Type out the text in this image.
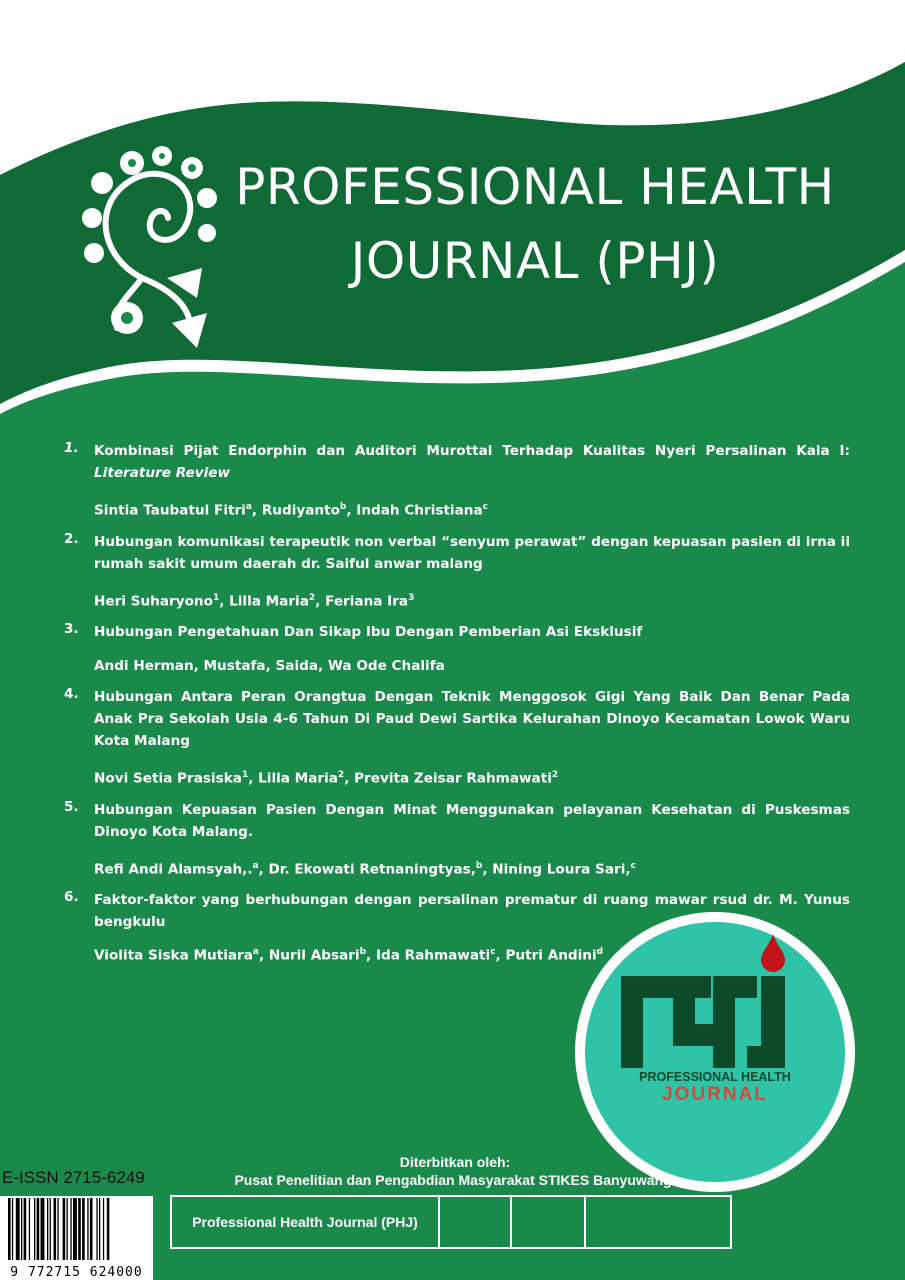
Vol 2 No 2, Juni 2021
PROFESSIONAL HEALTH
JOURNAL (PHJ)
1. Kombinasi Pijat Endorphin dan Auditori Murottal Terhadap Kualitas Nyeri Persalinan Kala I: Literature Review
Sintia Taubatul Fitri$^a$, Rudiyanto$^b$, Indah Christiana$^c$
2. Hubungan komunikasi terapeutik non verbal “senyum perawat” dengan kepuasan pasien di irna ii rumah sakit umum daerah dr. Saiful anwar malang
Heri Suharyono$^1$, Lilla Maria$^2$, Feriana Ira$^3$
3. Hubungan Pengetahuan Dan Sikap Ibu Dengan Pemberian Asi Eksklusif
Andi Herman, Mustafa, Saida, Wa Ode Chalifa
4. Hubungan Antara Peran Orangtua Dengan Teknik Menggosok Gigi Yang Baik Dan Benar Pada Anak Pra Sekolah Usia 4-6 Tahun Di Paud Dewi Sartika Kelurahan Dinoyo Kecamatan Lowok Waru Kota Malang
Novi Setia Prasiska$^1$, Lilla Maria$^2$, Previta Zeisar Rahmawati$^2$
5. Hubungan Kepuasan Pasien Dengan Minat Menggunakan pelayanan Kesehatan di Puskesmas Dinoyo Kota Malang.
Refi Andi Alamsyah,.$^a$, Dr. Ekowati Retnaningtyas,$^b$, Nining Loura Sari,$^c$
6. Faktor-faktor yang berhubungan dengan persalinan prematur di ruang mawar rsud dr. M. Yunus bengkulu
Violita Siska Mutiara$^a$, Nuril Absari$^b$, Ida Rahmawati$^c$, Putri Andini$^d$
PROFESSIONAL HEALTH
JOURNAL
E-ISSN 2715-6249
Diterbitkan oleh:
Pusat Penelitian dan Pengabdian Masyarakat STIKES Banyuwangi
Professional Health Journal (PHJ)
9 772715 624000
